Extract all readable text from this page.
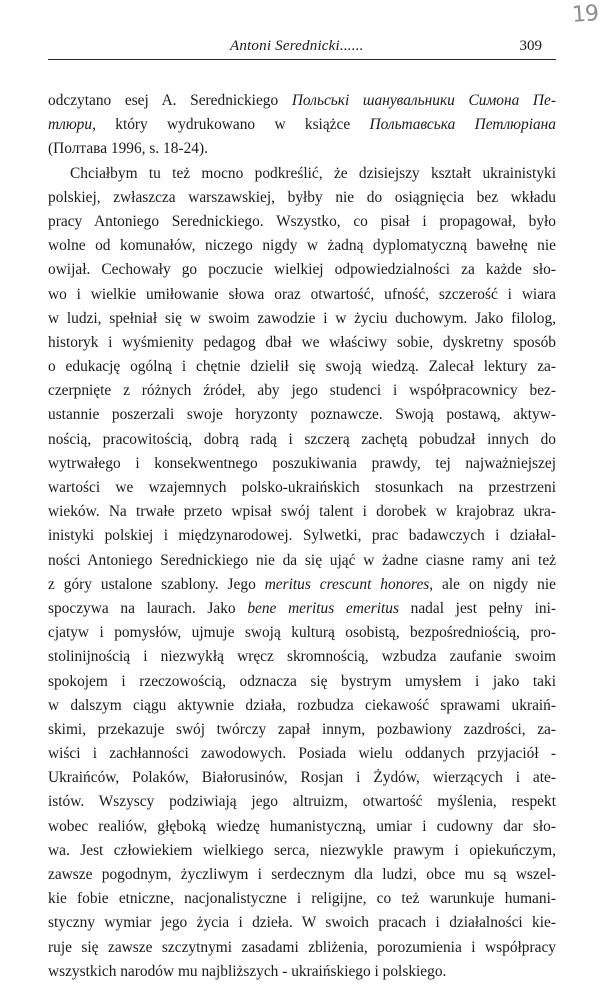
19
Antoni Serednicki......	309
odczytano esej A. Serednickiego Польські шанувальники Симона Пе-
тлюри, który wydrukowano w książce Польтавська Петлюріана
(Полтава 1996, s. 18-24).
Chciałbym tu też mocno podkreślić, że dzisiejszy kształt ukrainistyki
polskiej, zwłaszcza warszawskiej, byłby nie do osiągnięcia bez wkładu
pracy Antoniego Serednickiego. Wszystko, co pisał i propagował, było
wolne od komunałów, niczego nigdy w żadną dyplomatyczną bawełnę nie
owijał. Cechowały go poczucie wielkiej odpowiedzialności za każde sło-
wo i wielkie umiłowanie słowa oraz otwartość, ufność, szczerość i wiara
w ludzi, spełniał się w swoim zawodzie i w życiu duchowym. Jako filolog,
historyk i wyśmienity pedagog dbał we właściwy sobie, dyskretny sposób
o edukację ogólną i chętnie dzielił się swoją wiedzą. Zalecał lektury za-
czerpnięte z różnych źródeł, aby jego studenci i współpracownicy bez-
ustannie poszerzali swoje horyzonty poznawcze. Swoją postawą, aktyw-
nością, pracowitością, dobrą radą i szczerą zachętą pobudzał innych do
wytrwałego i konsekwentnego poszukiwania prawdy, tej najważniejszej
wartości we wzajemnych polsko-ukraińskich stosunkach na przestrzeni
wieków. Na trwałe przeto wpisał swój talent i dorobek w krajobraz ukra-
inistyki polskiej i międzynarodowej. Sylwetki, prac badawczych i działal-
ności Antoniego Serednickiego nie da się ująć w żadne ciasne ramy ani też
z góry ustalone szablony. Jego meritus crescunt honores, ale on nigdy nie
spoczywa na laurach. Jako bene meritus emeritus nadal jest pełny ini-
cjatyw i pomysłów, ujmuje swoją kulturą osobistą, bezpośredniością, pro-
stolinijnością i niezwykłą wręcz skromnością, wzbudza zaufanie swoim
spokojem i rzeczowością, odznacza się bystrym umysłem i jako taki
w dalszym ciągu aktywnie działa, rozbudza ciekawość sprawami ukraiń-
skimi, przekazuje swój twórczy zapał innym, pozbawiony zazdrości, za-
wiści i zachłanności zawodowych. Posiada wielu oddanych przyjaciół -
Ukraińców, Polaków, Białorusinów, Rosjan i Żydów, wierzących i ate-
istów. Wszyscy podziwiają jego altruizm, otwartość myślenia, respekt
wobec realiów, głęboką wiedzę humanistyczną, umiar i cudowny dar sło-
wa. Jest człowiekiem wielkiego serca, niezwykle prawym i opiekuńczym,
zawsze pogodnym, życzliwym i serdecznym dla ludzi, obce mu są wszel-
kie fobie etniczne, nacjonalistyczne i religijne, co też warunkuje humani-
styczny wymiar jego życia i dzieła. W swoich pracach i działalności kie-
ruje się zawsze szczytnymi zasadami zbliżenia, porozumienia i współpracy
wszystkich narodów mu najbliższych - ukraińskiego i polskiego.
